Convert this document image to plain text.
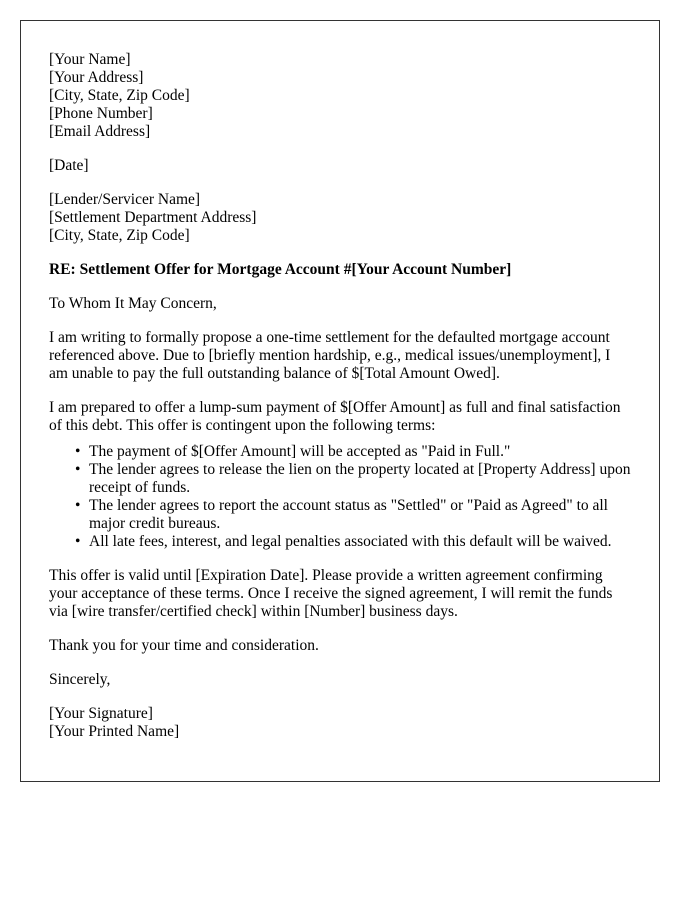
[Your Name]

[Your Address]

[City, State, Zip Code]

[Phone Number]

[Email Address]

[Date]

[Lender/Servicer Name]

[Settlement Department Address]

[City, State, Zip Code]

RE: Settlement Offer for Mortgage Account #[Your Account Number]

To Whom It May Concern,

I am writing to formally propose a one-time settlement for the defaulted mortgage account referenced above. Due to [briefly mention hardship, e.g., medical issues/unemployment], I am unable to pay the full outstanding balance of $[Total Amount Owed].

I am prepared to offer a lump-sum payment of $[Offer Amount] as full and final satisfaction of this debt. This offer is contingent upon the following terms:

• The payment of $[Offer Amount] will be accepted as "Paid in Full."
• The lender agrees to release the lien on the property located at [Property Address] upon receipt of funds.
• The lender agrees to report the account status as "Settled" or "Paid as Agreed" to all major credit bureaus.
• All late fees, interest, and legal penalties associated with this default will be waived.

This offer is valid until [Expiration Date]. Please provide a written agreement confirming your acceptance of these terms. Once I receive the signed agreement, I will remit the funds via [wire transfer/certified check] within [Number] business days.

Thank you for your time and consideration.

Sincerely,

[Your Signature]

[Your Printed Name]
